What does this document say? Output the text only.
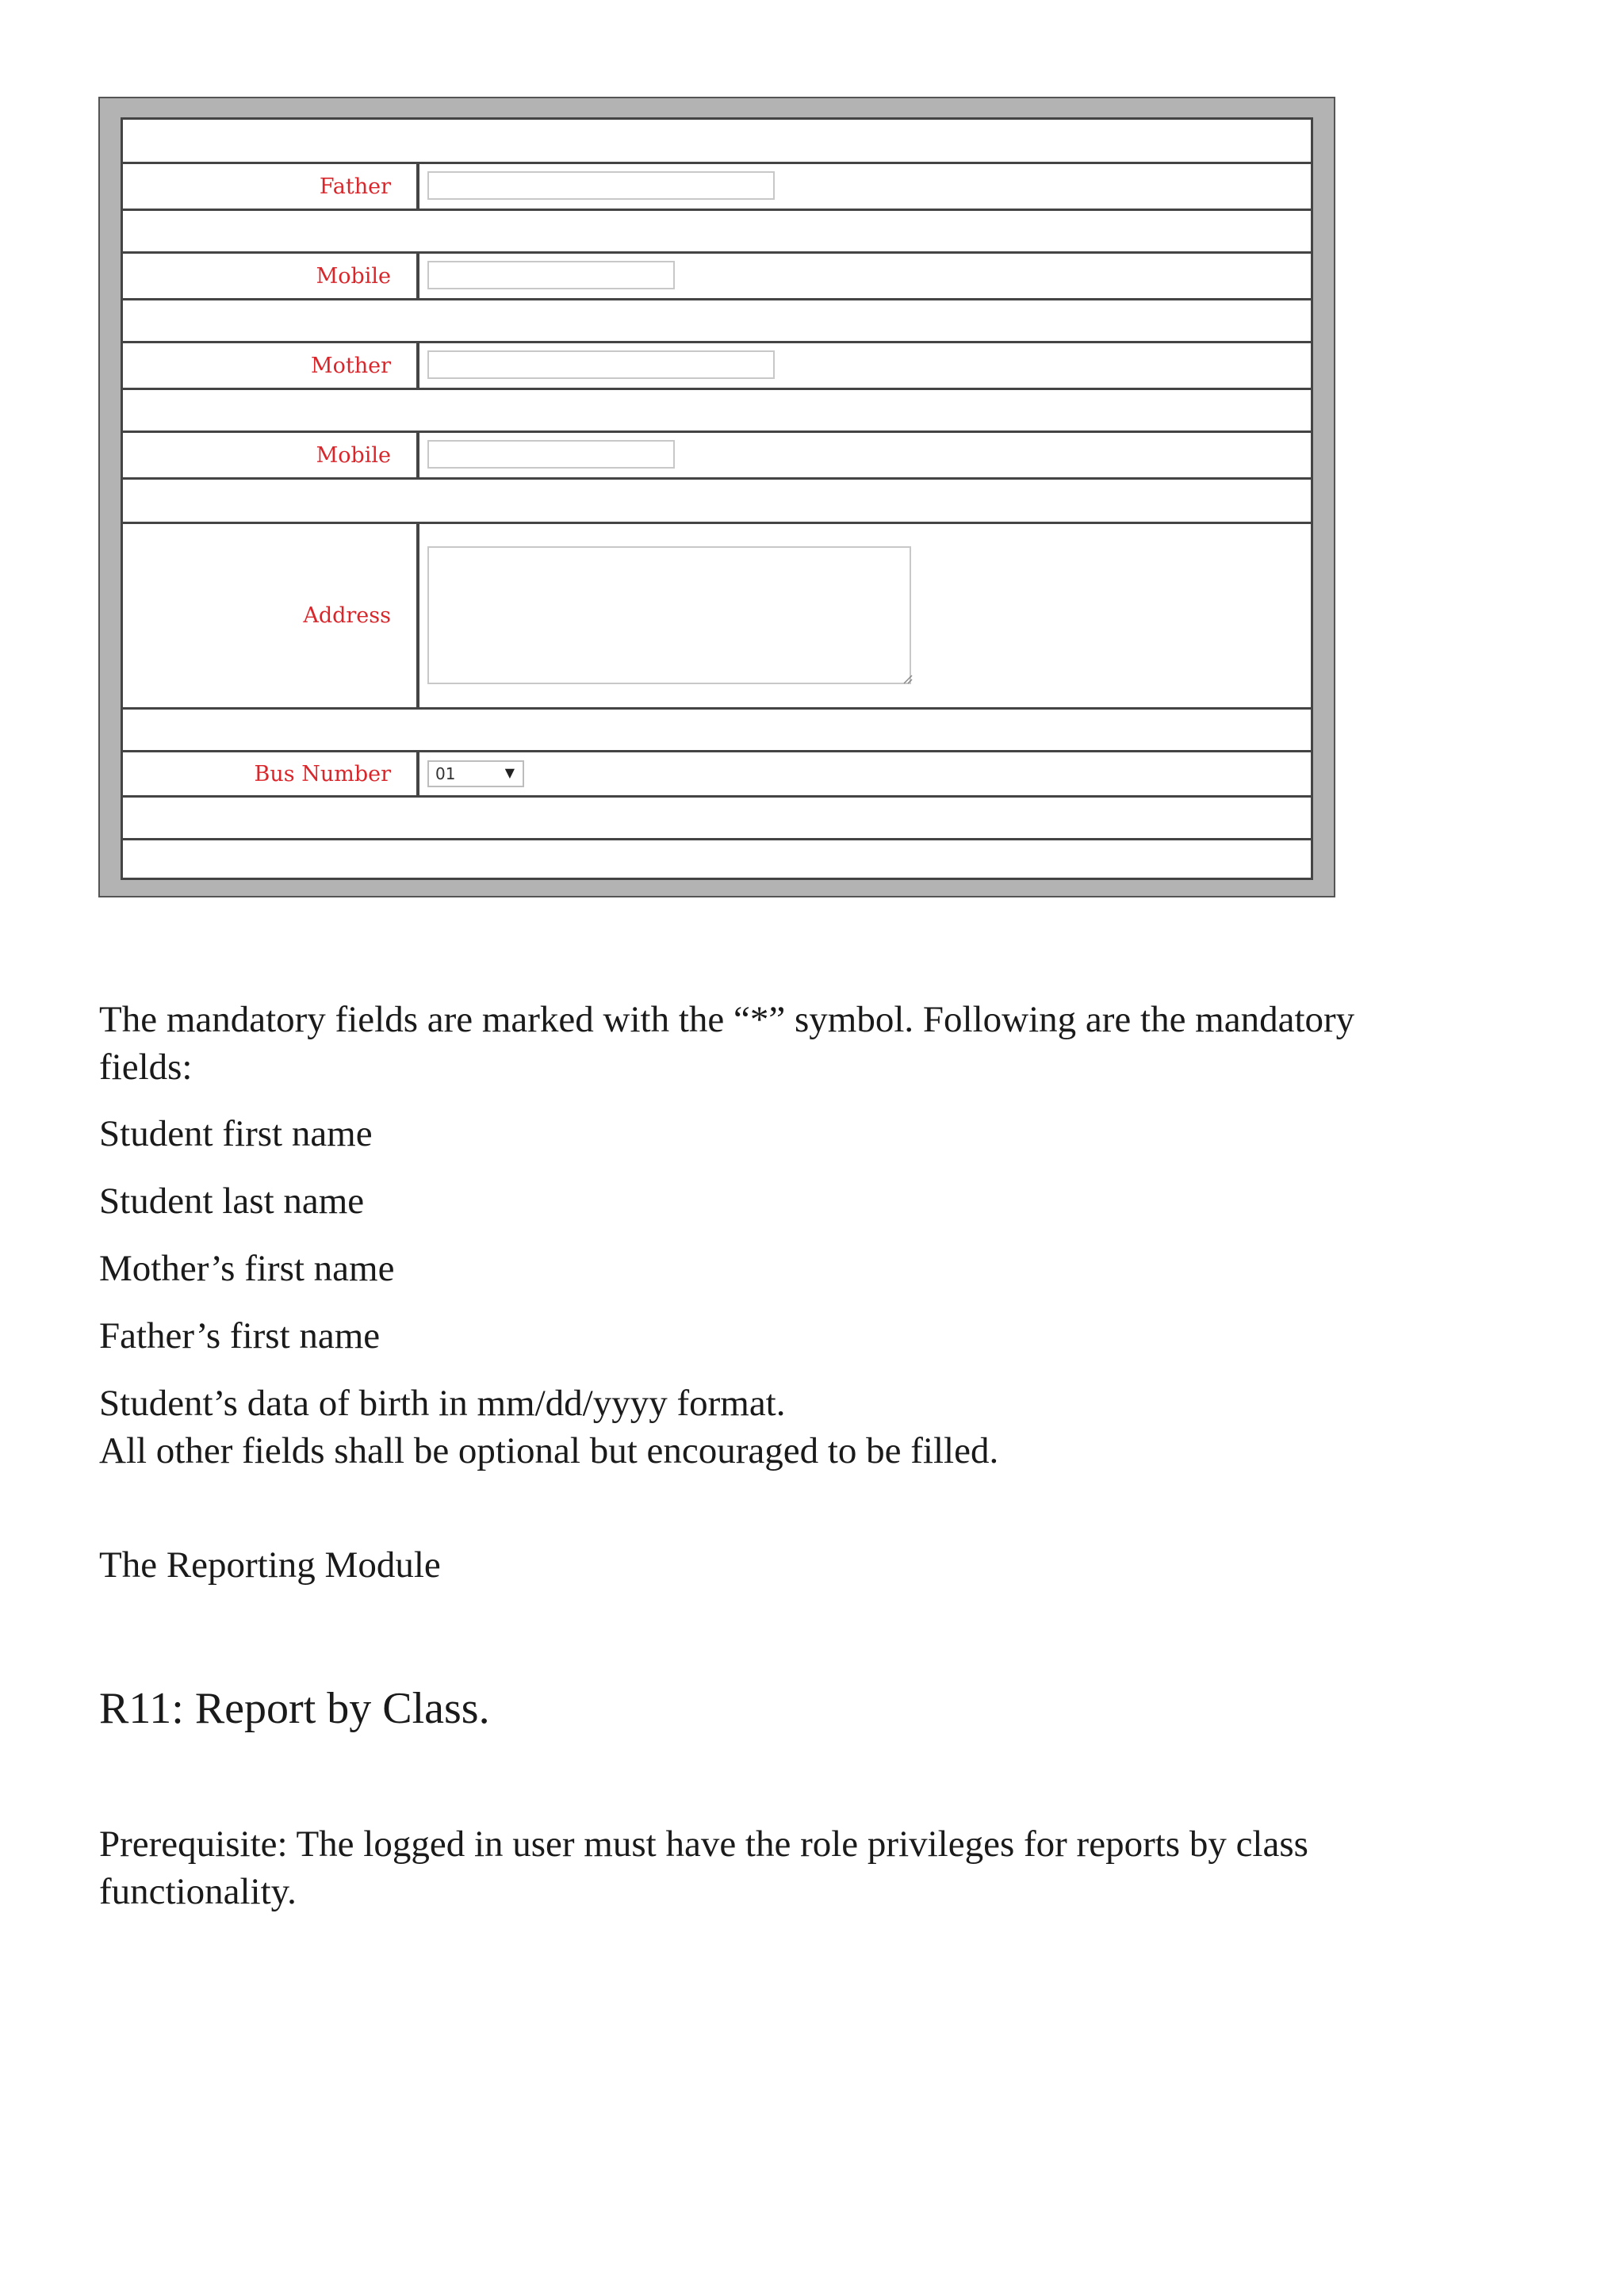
Father
Mobile
Mother
Mobile
Address
Bus Number	01	▼

The mandatory fields are marked with the “*” symbol. Following are the mandatory

fields:

Student first name

Student last name

Mother’s first name

Father’s first name

Student’s data of birth in mm/dd/yyyy format.

All other fields shall be optional but encouraged to be filled.

The Reporting Module

R11: Report by Class.

Prerequisite: The logged in user must have the role privileges for reports by class

functionality.
